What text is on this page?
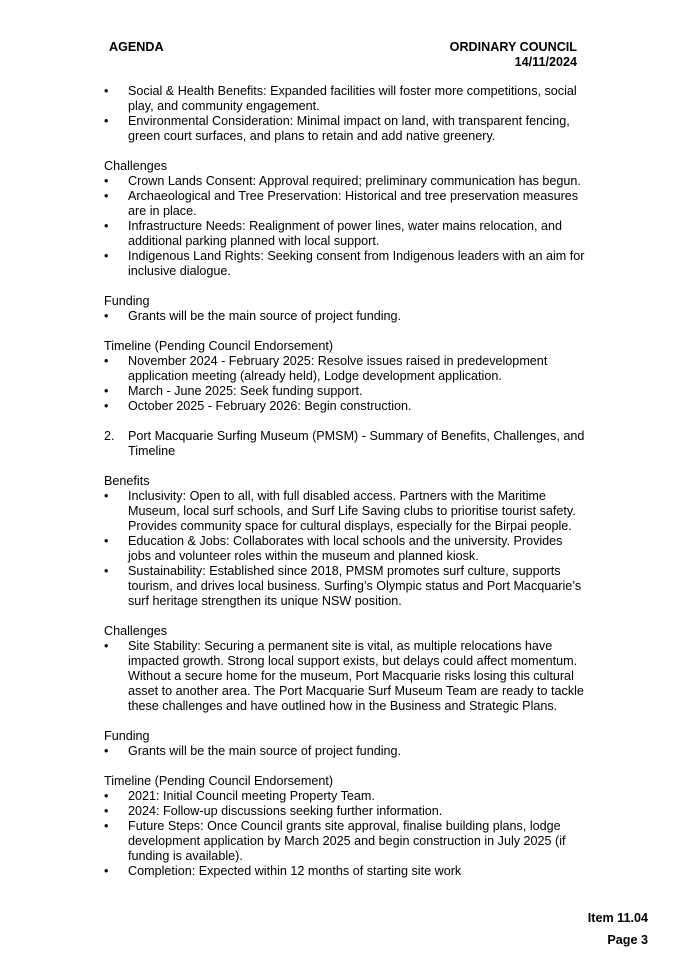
AGENDA	ORDINARY COUNCIL
14/11/2024
• Social & Health Benefits: Expanded facilities will foster more competitions, social play, and community engagement.
• Environmental Consideration: Minimal impact on land, with transparent fencing, green court surfaces, and plans to retain and add native greenery.

Challenges

• Crown Lands Consent: Approval required; preliminary communication has begun.
• Archaeological and Tree Preservation: Historical and tree preservation measures are in place.
• Infrastructure Needs: Realignment of power lines, water mains relocation, and additional parking planned with local support.
• Indigenous Land Rights: Seeking consent from Indigenous leaders with an aim for inclusive dialogue.

Funding

• Grants will be the main source of project funding.

Timeline (Pending Council Endorsement)

• November 2024 - February 2025: Resolve issues raised in predevelopment application meeting (already held), Lodge development application.
• March - June 2025: Seek funding support.
• October 2025 - February 2026: Begin construction.
2. Port Macquarie Surfing Museum (PMSM) - Summary of Benefits, Challenges, and Timeline

Benefits

• Inclusivity: Open to all, with full disabled access. Partners with the Maritime Museum, local surf schools, and Surf Life Saving clubs to prioritise tourist safety. Provides community space for cultural displays, especially for the Birpai people.
• Education & Jobs: Collaborates with local schools and the university. Provides jobs and volunteer roles within the museum and planned kiosk.
• Sustainability: Established since 2018, PMSM promotes surf culture, supports tourism, and drives local business. Surfing’s Olympic status and Port Macquarie’s surf heritage strengthen its unique NSW position.

Challenges

• Site Stability: Securing a permanent site is vital, as multiple relocations have impacted growth. Strong local support exists, but delays could affect momentum. Without a secure home for the museum, Port Macquarie risks losing this cultural asset to another area. The Port Macquarie Surf Museum Team are ready to tackle these challenges and have outlined how in the Business and Strategic Plans.

Funding

• Grants will be the main source of project funding.

Timeline (Pending Council Endorsement)

• 2021: Initial Council meeting Property Team.
• 2024: Follow-up discussions seeking further information.
• Future Steps: Once Council grants site approval, finalise building plans, lodge development application by March 2025 and begin construction in July 2025 (if funding is available).
• Completion: Expected within 12 months of starting site work
Item 11.04
Page 3
